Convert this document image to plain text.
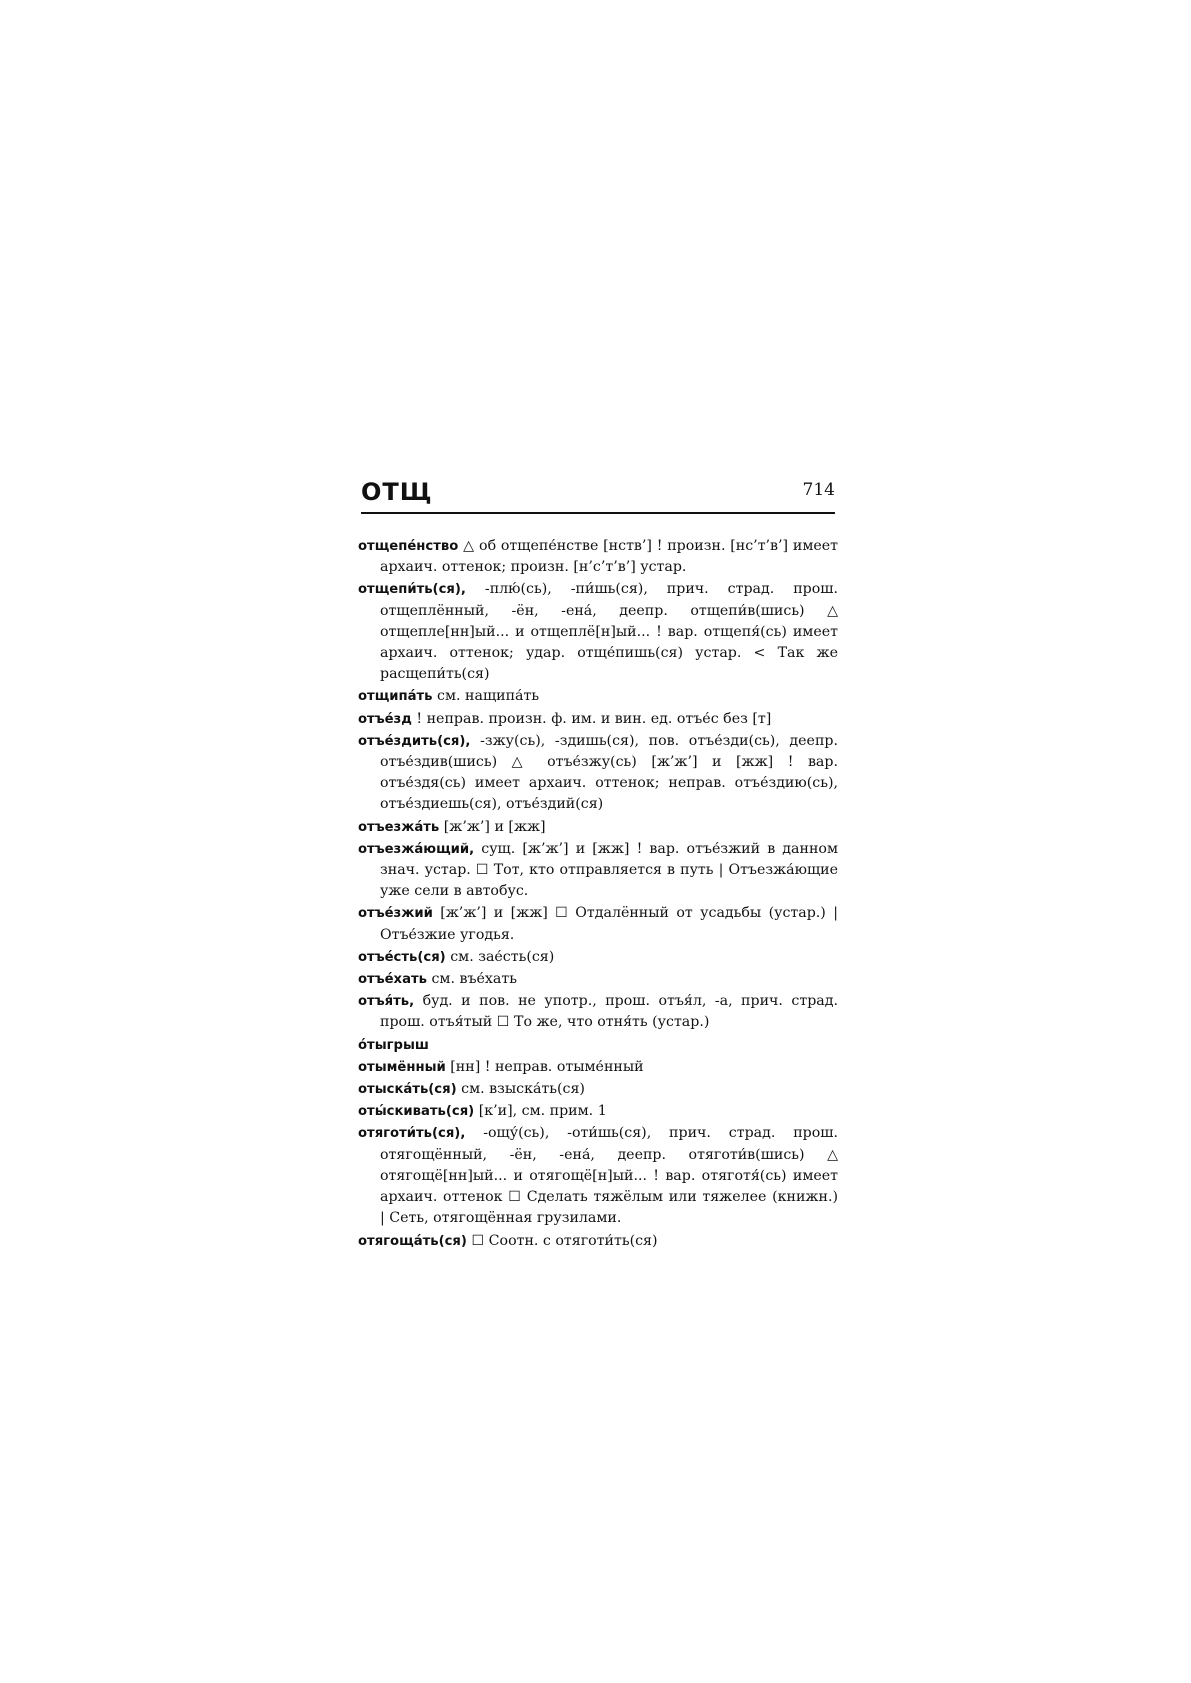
ОТЩ	714

отщепе́нство △ об отщепе́нстве [нств’] ! произн. [нс’т’в’] имеет архаич. оттенок; произн. [н’с’т’в’] устар.

отщепи́ть(ся), -плю́(сь), -пи́шь(ся), прич. страд. прош. отщеплённый, -ён, -ена́, деепр. отщепи́в(шись) △ отщепле[нн]ый... и отщеплё[н]ый... ! вар. отщепя́(сь) имеет архаич. оттенок; удар. отще́пишь(ся) устар. < Так же расщепи́ть(ся)

отщипа́ть см. нащипа́ть

отъе́зд ! неправ. произн. ф. им. и вин. ед. отъе́с без [т]

отъе́здить(ся), -зжу(сь), -здишь(ся), пов. отъе́зди(сь), деепр. отъе́здив(шись) △ отъе́зжу(сь) [ж’ж’] и [жж] ! вар. отъе́здя(сь) имеет архаич. оттенок; неправ. отъе́здию(сь), отъе́здиешь(ся), отъе́здий(ся)

отъезжа́ть [ж’ж’] и [жж]

отъезжа́ющий, сущ. [ж’ж’] и [жж] ! вар. отъе́зжий в данном знач. устар. ☐ Тот, кто отправляется в путь | Отъезжа́ющие уже сели в автобус.

отъе́зжий [ж’ж’] и [жж] ☐ Отдалённый от усадьбы (устар.) | Отъе́зжие угодья.

отъе́сть(ся) см. зае́сть(ся)

отъе́хать см. въе́хать

отъя́ть, буд. и пов. не употр., прош. отъя́л, -а, прич. страд. прош. отъя́тый ☐ То же, что отня́ть (устар.)

о́тыгрыш

отымённый [нн] ! неправ. отыме́нный

отыска́ть(ся) см. взыска́ть(ся)

оты́скивать(ся) [к’и], см. прим. 1

отяготи́ть(ся), -ощу́(сь), -оти́шь(ся), прич. страд. прош. отягощённый, -ён, -ена́, деепр. отяготи́в(шись) △ отягощё[нн]ый... и отягощё[н]ый... ! вар. отяготя́(сь) имеет архаич. оттенок ☐ Сделать тяжёлым или тяжелее (книжн.) | Сеть, отягощённая грузилами.

отягоща́ть(ся) ☐ Соотн. с отяготи́ть(ся)
